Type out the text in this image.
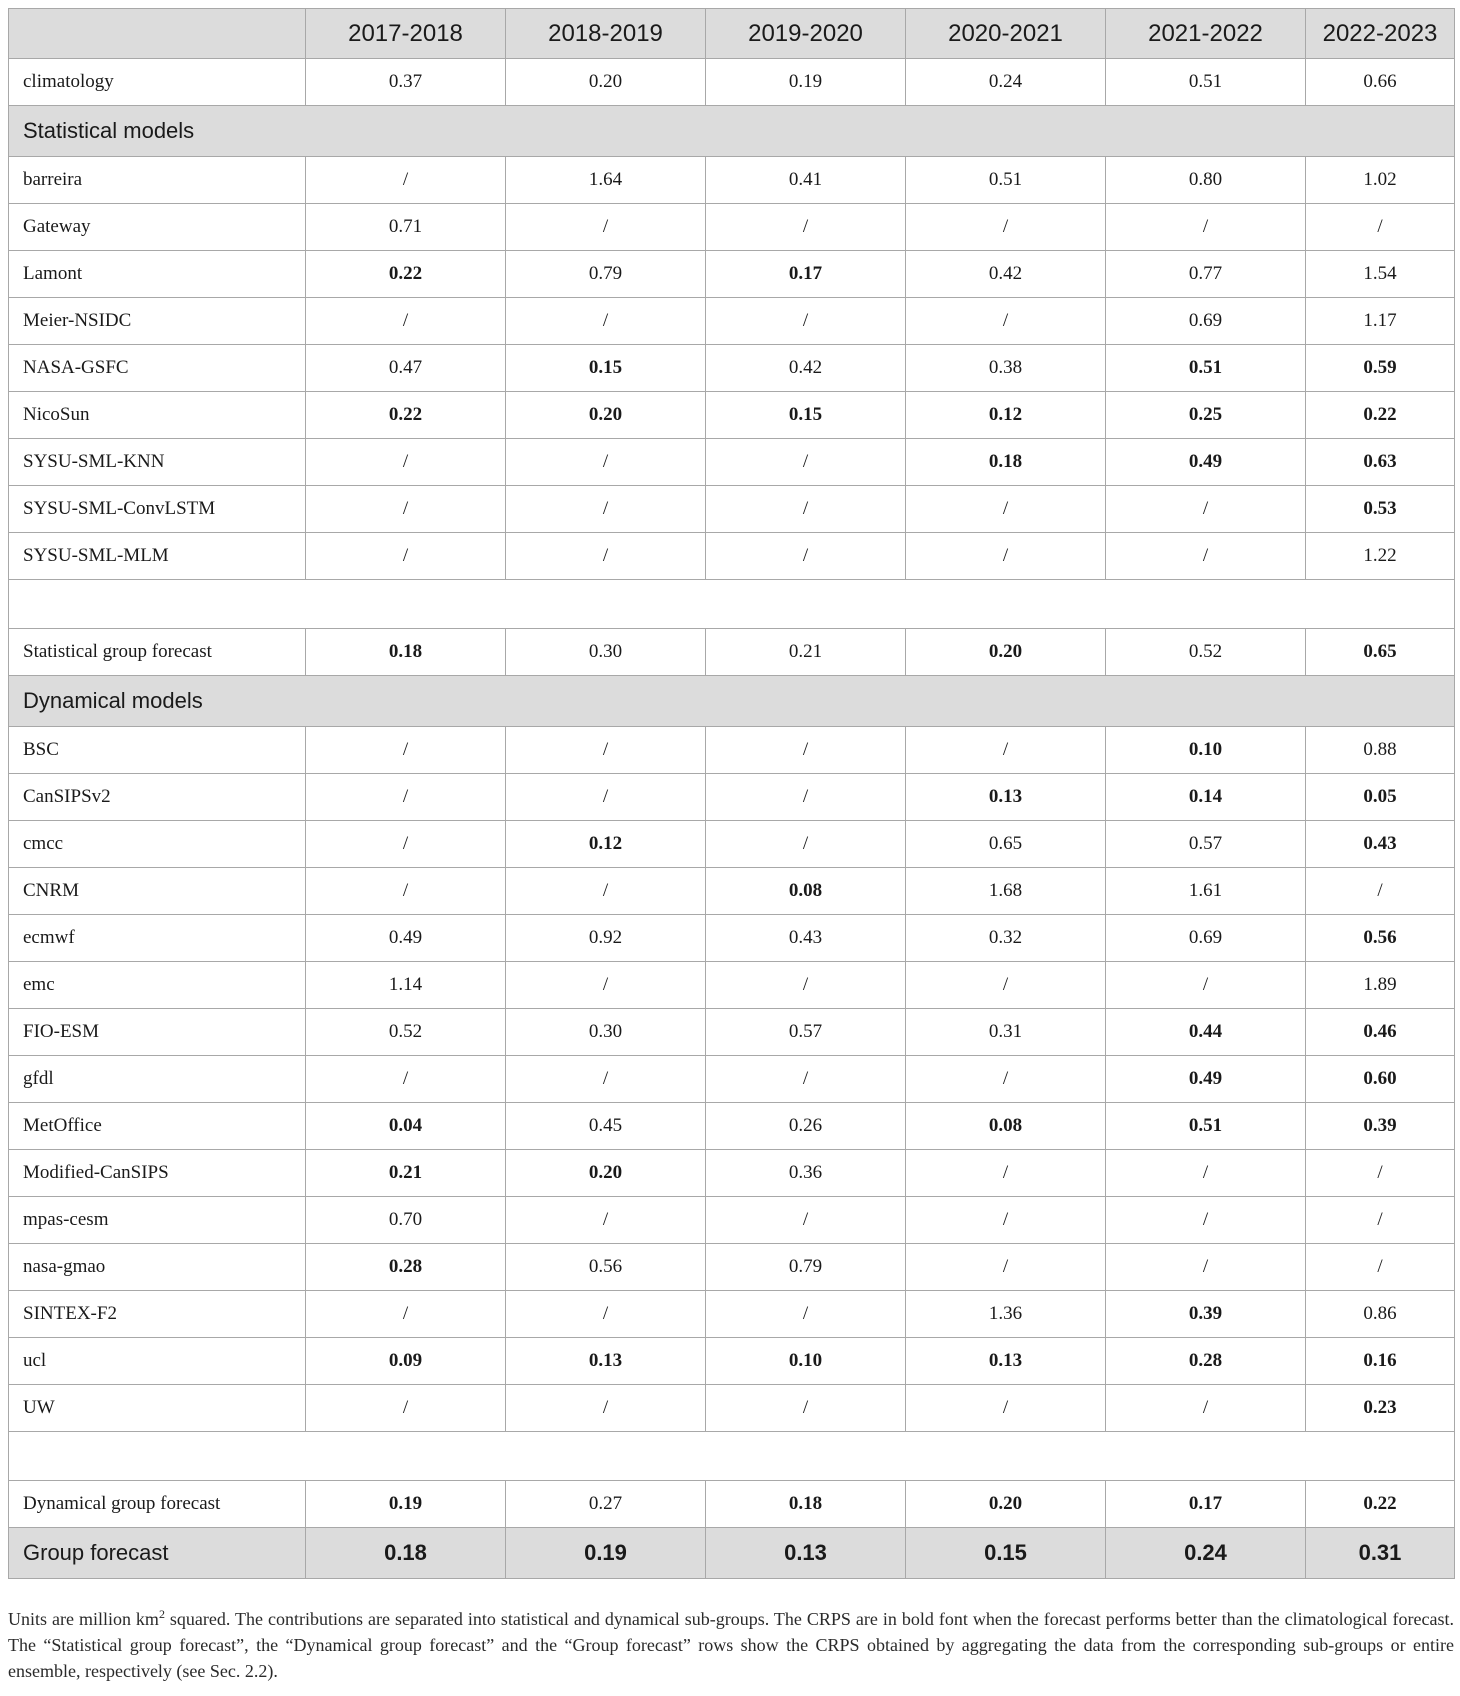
	2017-2018	2018-2019	2019-2020	2020-2021	2021-2022	2022-2023
climatology	0.37	0.20	0.19	0.24	0.51	0.66
Statistical models						
barreira	/	1.64	0.41	0.51	0.80	1.02
Gateway	0.71	/	/	/	/	/
Lamont	0.22	0.79	0.17	0.42	0.77	1.54
Meier-NSIDC	/	/	/	/	0.69	1.17
NASA-GSFC	0.47	0.15	0.42	0.38	0.51	0.59
NicoSun	0.22	0.20	0.15	0.12	0.25	0.22
SYSU-SML-KNN	/	/	/	0.18	0.49	0.63
SYSU-SML-ConvLSTM	/	/	/	/	/	0.53
SYSU-SML-MLM	/	/	/	/	/	1.22

Statistical group forecast	0.18	0.30	0.21	0.20	0.52	0.65
Dynamical models						
BSC	/	/	/	/	0.10	0.88
CanSIPSv2	/	/	/	0.13	0.14	0.05
cmcc	/	0.12	/	0.65	0.57	0.43
CNRM	/	/	0.08	1.68	1.61	/
ecmwf	0.49	0.92	0.43	0.32	0.69	0.56
emc	1.14	/	/	/	/	1.89
FIO-ESM	0.52	0.30	0.57	0.31	0.44	0.46
gfdl	/	/	/	/	0.49	0.60
MetOffice	0.04	0.45	0.26	0.08	0.51	0.39
Modified-CanSIPS	0.21	0.20	0.36	/	/	/
mpas-cesm	0.70	/	/	/	/	/
nasa-gmao	0.28	0.56	0.79	/	/	/
SINTEX-F2	/	/	/	1.36	0.39	0.86
ucl	0.09	0.13	0.10	0.13	0.28	0.16
UW	/	/	/	/	/	0.23

Dynamical group forecast	0.19	0.27	0.18	0.20	0.17	0.22
Group forecast	0.18	0.19	0.13	0.15	0.24	0.31

Units are million $km^2$ squared. The contributions are separated into statistical and dynamical sub-groups. The CRPS are in bold font when the forecast performs better than the climatological forecast. The “Statistical group forecast”, the “Dynamical group forecast” and the “Group forecast” rows show the CRPS obtained by aggregating the data from the corresponding sub-groups or entire ensemble, respectively (see Sec. 2.2).
